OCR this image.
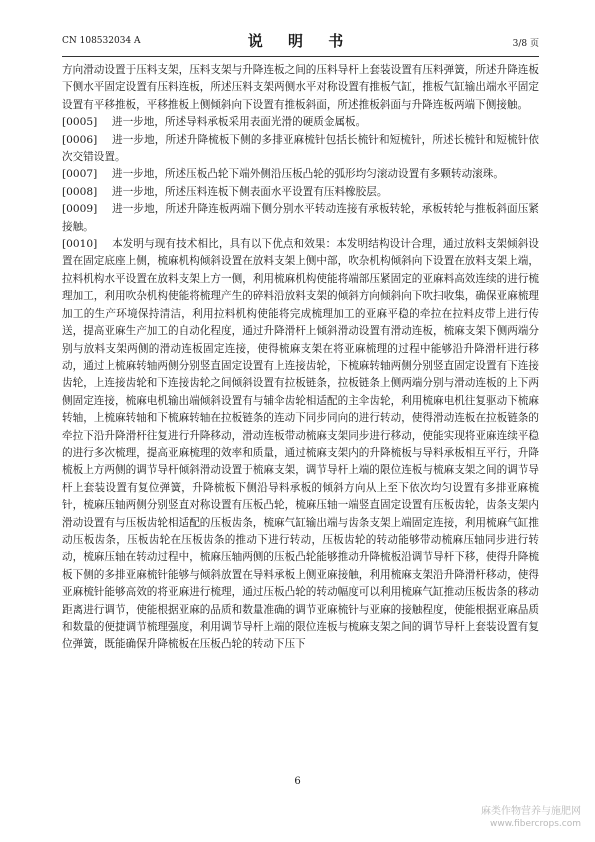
CN 108532034 A	说 明 书	3/8 页

方向滑动设置于压料支架，压料支架与升降连板之间的压料导杆上套装设置有压料弹簧，所述升降连板下侧水平固定设置有压料连板，所述压料支架两侧水平对称设置有推板气缸，推板气缸输出端水平固定设置有平移推板，平移推板上侧倾斜向下设置有推板斜面，所述推板斜面与升降连板两端下侧接触。

[0005] 进一步地，所述导料承板采用表面光滑的硬质金属板。

[0006] 进一步地，所述升降梳板下侧的多排亚麻梳针包括长梳针和短梳针，所述长梳针和短梳针依次交错设置。

[0007] 进一步地，所述压板凸轮下端外侧沿压板凸轮的弧形均匀滚动设置有多颗转动滚珠。

[0008] 进一步地，所述压料连板下侧表面水平设置有压料橡胶层。

[0009] 进一步地，所述升降连板两端下侧分别水平转动连接有承板转轮，承板转轮与推板斜面压紧接触。

[0010] 本发明与现有技术相比，具有以下优点和效果：本发明结构设计合理，通过放料支架倾斜设置在固定底座上侧，梳麻机构倾斜设置在放料支架上侧中部，吹杂机构倾斜向下设置在放料支架上端，拉料机构水平设置在放料支架上方一侧，利用梳麻机构使能将端部压紧固定的亚麻料高效连续的进行梳理加工，利用吹杂机构使能将梳理产生的碎料沿放料支架的倾斜方向倾斜向下吹扫收集，确保亚麻梳理加工的生产环境保持清洁，利用拉料机构使能将完成梳理加工的亚麻平稳的牵拉在拉料皮带上进行传送，提高亚麻生产加工的自动化程度，通过升降滑杆上倾斜滑动设置有滑动连板，梳麻支架下侧两端分别与放料支架两侧的滑动连板固定连接，使得梳麻支架在将亚麻梳理的过程中能够沿升降滑杆进行移动，通过上梳麻转轴两侧分别竖直固定设置有上连接齿轮，下梳麻转轴两侧分别竖直固定设置有下连接齿轮，上连接齿轮和下连接齿轮之间倾斜设置有拉板链条，拉板链条上侧两端分别与滑动连板的上下两侧固定连接，梳麻电机输出端倾斜设置有与辅伞齿轮相适配的主伞齿轮，利用梳麻电机往复驱动下梳麻转轴，上梳麻转轴和下梳麻转轴在拉板链条的连动下同步同向的进行转动，使得滑动连板在拉板链条的牵拉下沿升降滑杆往复进行升降移动，滑动连板带动梳麻支架同步进行移动，使能实现将亚麻连续平稳的进行多次梳理，提高亚麻梳理的效率和质量，通过梳麻支架内的升降梳板与导料承板相互平行，升降梳板上方两侧的调节导杆倾斜滑动设置于梳麻支架，调节导杆上端的限位连板与梳麻支架之间的调节导杆上套装设置有复位弹簧，升降梳板下侧沿导料承板的倾斜方向从上至下依次均匀设置有多排亚麻梳针，梳麻压轴两侧分别竖直对称设置有压板凸轮，梳麻压轴一端竖直固定设置有压板齿轮，齿条支架内滑动设置有与压板齿轮相适配的压板齿条，梳麻气缸输出端与齿条支架上端固定连接，利用梳麻气缸推动压板齿条，压板齿轮在压板齿条的推动下进行转动，压板齿轮的转动能够带动梳麻压轴同步进行转动，梳麻压轴在转动过程中，梳麻压轴两侧的压板凸轮能够推动升降梳板沿调节导杆下移，使得升降梳板下侧的多排亚麻梳针能够与倾斜放置在导料承板上侧亚麻接触，利用梳麻支架沿升降滑杆移动，使得亚麻梳针能够高效的将亚麻进行梳理，通过压板凸轮的转动幅度可以利用梳麻气缸推动压板齿条的移动距离进行调节，使能根据亚麻的品质和数量准确的调节亚麻梳针与亚麻的接触程度，使能根据亚麻品质和数量的便捷调节梳理强度，利用调节导杆上端的限位连板与梳麻支架之间的调节导杆上套装设置有复位弹簧，既能确保升降梳板在压板凸轮的转动下压下

6
麻类作物营养与施肥网
www.fibercrops.com
